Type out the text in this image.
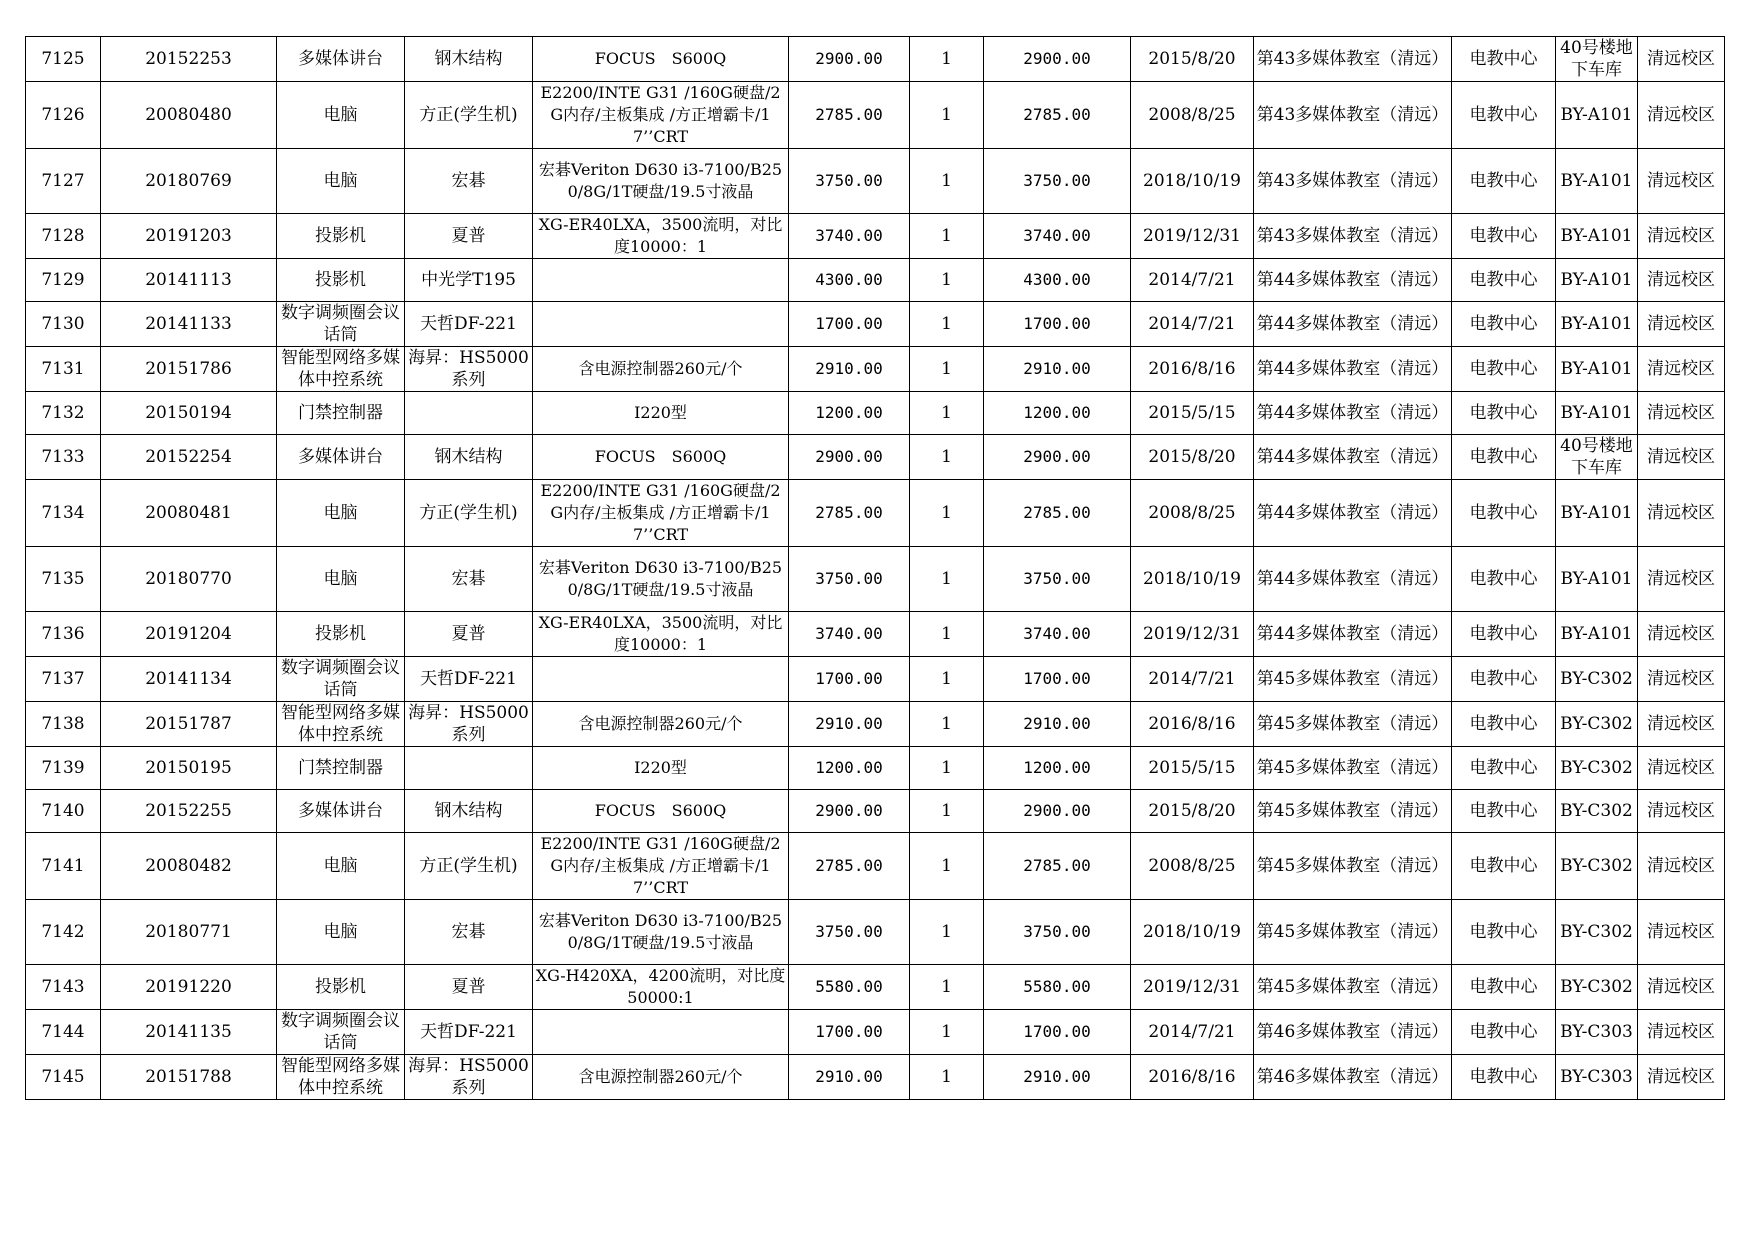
7125	20152253	多媒体讲台	钢木结构	FOCUS　S600Q	2900.00	1	2900.00	2015/8/20	第43多媒体教室（清远）	电教中心	40号楼地下车库	清远校区
7126	20080480	电脑	方正(学生机)	E2200/INTE G31 /160G硬盘/2G内存/主板集成 /方正增霸卡/17’’CRT	2785.00	1	2785.00	2008/8/25	第43多媒体教室（清远）	电教中心	BY-A101	清远校区
7127	20180769	电脑	宏碁	宏碁Veriton D630 i3-7100/B250/8G/1T硬盘/19.5寸液晶	3750.00	1	3750.00	2018/10/19	第43多媒体教室（清远）	电教中心	BY-A101	清远校区
7128	20191203	投影机	夏普	XG-ER40LXA，3500流明，对比度10000：1	3740.00	1	3740.00	2019/12/31	第43多媒体教室（清远）	电教中心	BY-A101	清远校区
7129	20141113	投影机	中光学T195		4300.00	1	4300.00	2014/7/21	第44多媒体教室（清远）	电教中心	BY-A101	清远校区
7130	20141133	数字调频圈会议话筒	天哲DF-221		1700.00	1	1700.00	2014/7/21	第44多媒体教室（清远）	电教中心	BY-A101	清远校区
7131	20151786	智能型网络多媒体中控系统	海昇：HS5000系列	含电源控制器260元/个	2910.00	1	2910.00	2016/8/16	第44多媒体教室（清远）	电教中心	BY-A101	清远校区
7132	20150194	门禁控制器		I220型	1200.00	1	1200.00	2015/5/15	第44多媒体教室（清远）	电教中心	BY-A101	清远校区
7133	20152254	多媒体讲台	钢木结构	FOCUS　S600Q	2900.00	1	2900.00	2015/8/20	第44多媒体教室（清远）	电教中心	40号楼地下车库	清远校区
7134	20080481	电脑	方正(学生机)	E2200/INTE G31 /160G硬盘/2G内存/主板集成 /方正增霸卡/17’’CRT	2785.00	1	2785.00	2008/8/25	第44多媒体教室（清远）	电教中心	BY-A101	清远校区
7135	20180770	电脑	宏碁	宏碁Veriton D630 i3-7100/B250/8G/1T硬盘/19.5寸液晶	3750.00	1	3750.00	2018/10/19	第44多媒体教室（清远）	电教中心	BY-A101	清远校区
7136	20191204	投影机	夏普	XG-ER40LXA，3500流明，对比度10000：1	3740.00	1	3740.00	2019/12/31	第44多媒体教室（清远）	电教中心	BY-A101	清远校区
7137	20141134	数字调频圈会议话筒	天哲DF-221		1700.00	1	1700.00	2014/7/21	第45多媒体教室（清远）	电教中心	BY-C302	清远校区
7138	20151787	智能型网络多媒体中控系统	海昇：HS5000系列	含电源控制器260元/个	2910.00	1	2910.00	2016/8/16	第45多媒体教室（清远）	电教中心	BY-C302	清远校区
7139	20150195	门禁控制器		I220型	1200.00	1	1200.00	2015/5/15	第45多媒体教室（清远）	电教中心	BY-C302	清远校区
7140	20152255	多媒体讲台	钢木结构	FOCUS　S600Q	2900.00	1	2900.00	2015/8/20	第45多媒体教室（清远）	电教中心	BY-C302	清远校区
7141	20080482	电脑	方正(学生机)	E2200/INTE G31 /160G硬盘/2G内存/主板集成 /方正增霸卡/17’’CRT	2785.00	1	2785.00	2008/8/25	第45多媒体教室（清远）	电教中心	BY-C302	清远校区
7142	20180771	电脑	宏碁	宏碁Veriton D630 i3-7100/B250/8G/1T硬盘/19.5寸液晶	3750.00	1	3750.00	2018/10/19	第45多媒体教室（清远）	电教中心	BY-C302	清远校区
7143	20191220	投影机	夏普	XG-H420XA，4200流明，对比度50000:1	5580.00	1	5580.00	2019/12/31	第45多媒体教室（清远）	电教中心	BY-C302	清远校区
7144	20141135	数字调频圈会议话筒	天哲DF-221		1700.00	1	1700.00	2014/7/21	第46多媒体教室（清远）	电教中心	BY-C303	清远校区
7145	20151788	智能型网络多媒体中控系统	海昇：HS5000系列	含电源控制器260元/个	2910.00	1	2910.00	2016/8/16	第46多媒体教室（清远）	电教中心	BY-C303	清远校区
